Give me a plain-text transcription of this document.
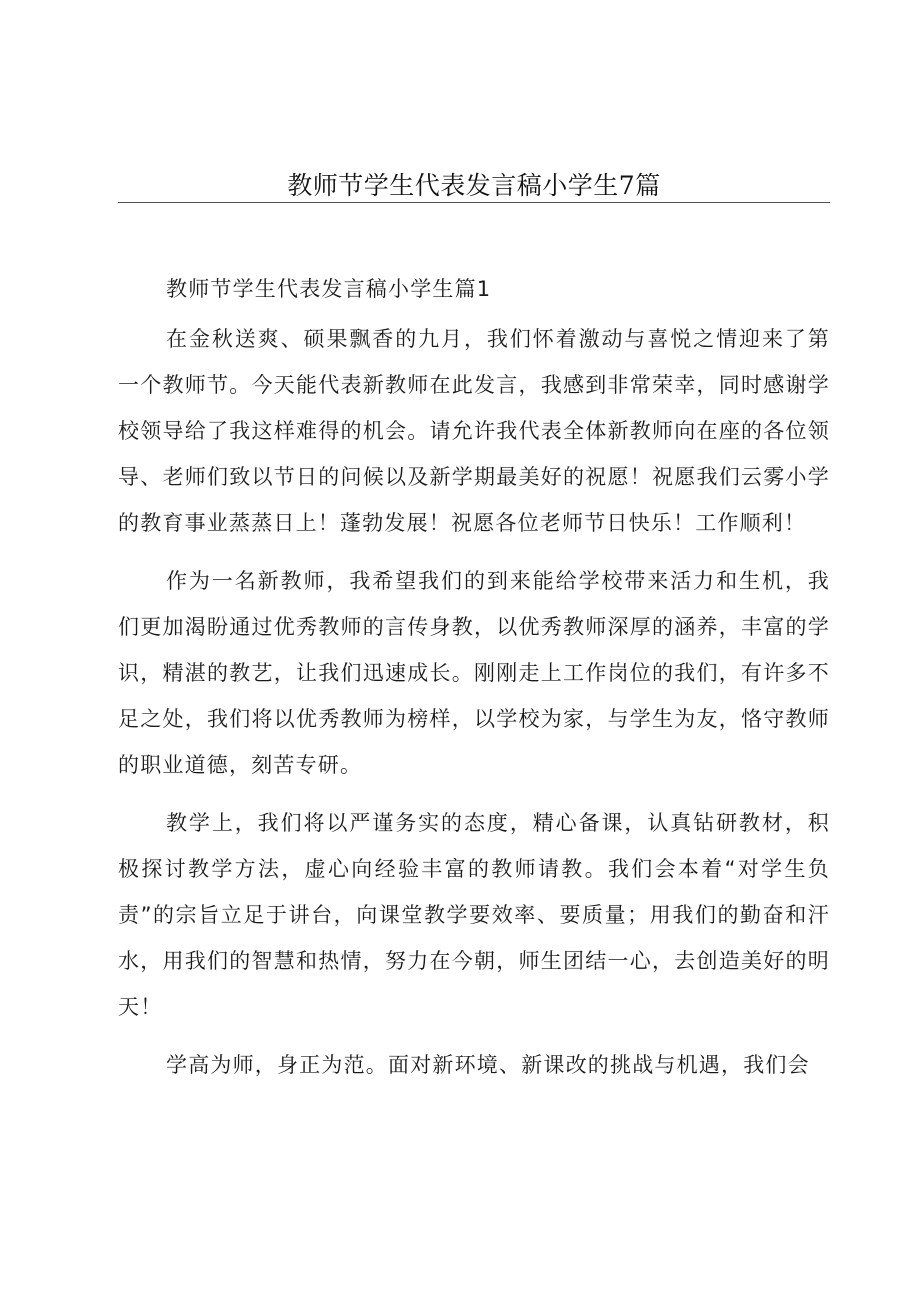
教师节学生代表发言稿小学生7篇

教师节学生代表发言稿小学生篇1

在金秋送爽、硕果飘香的九月，我们怀着激动与喜悦之情迎来了第一个教师节。今天能代表新教师在此发言，我感到非常荣幸，同时感谢学校领导给了我这样难得的机会。请允许我代表全体新教师向在座的各位领导、老师们致以节日的问候以及新学期最美好的祝愿！祝愿我们云雾小学的教育事业蒸蒸日上！蓬勃发展！祝愿各位老师节日快乐！工作顺利！

作为一名新教师，我希望我们的到来能给学校带来活力和生机，我们更加渴盼通过优秀教师的言传身教，以优秀教师深厚的涵养，丰富的学识，精湛的教艺，让我们迅速成长。刚刚走上工作岗位的我们，有许多不足之处，我们将以优秀教师为榜样，以学校为家，与学生为友，恪守教师的职业道德，刻苦专研。

教学上，我们将以严谨务实的态度，精心备课，认真钻研教材，积极探讨教学方法，虚心向经验丰富的教师请教。我们会本着“对学生负责”的宗旨立足于讲台，向课堂教学要效率、要质量；用我们的勤奋和汗水，用我们的智慧和热情，努力在今朝，师生团结一心，去创造美好的明天！

学高为师，身正为范。面对新环境、新课改的挑战与机遇，我们会
